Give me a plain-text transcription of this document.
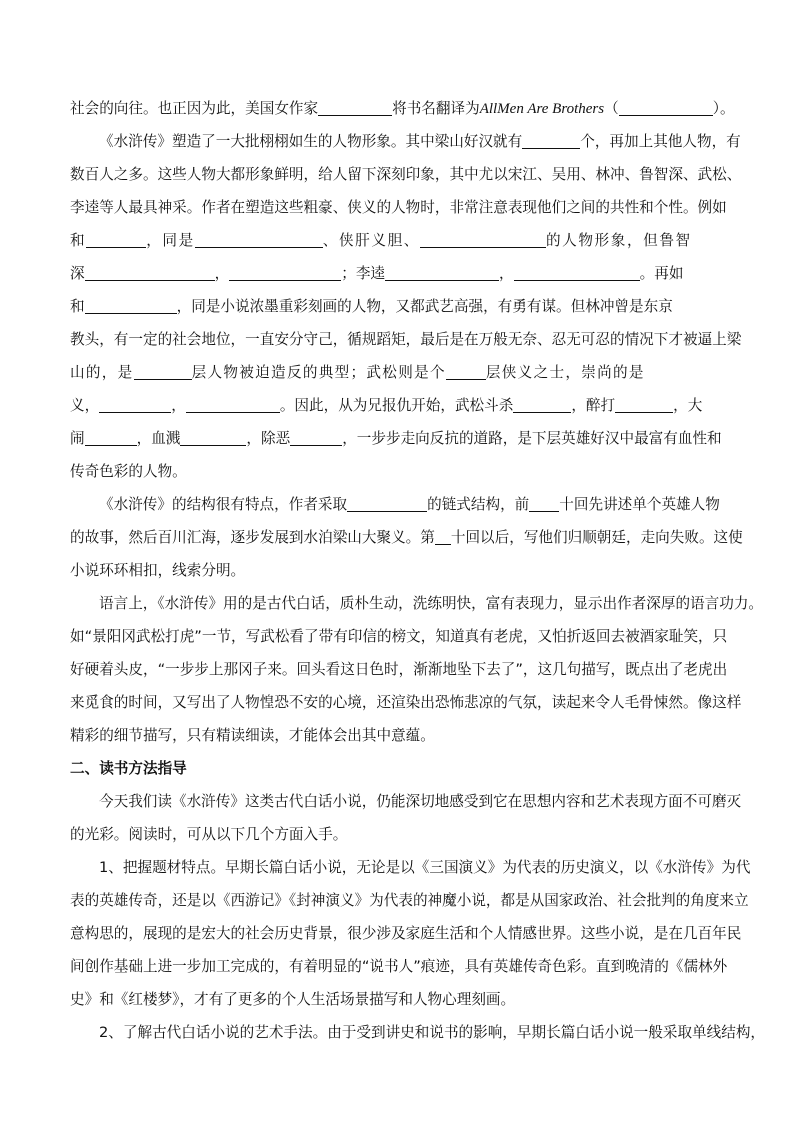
社会的向往。也正因为此，美国女作家	将书名翻译为AllMen Are Brothers（	）。
《水浒传》塑造了一大批栩栩如生的人物形象。其中梁山好汉就有	个，再加上其他人物，有
数百人之多。这些人物大都形象鲜明，给人留下深刻印象，其中尤以宋江、吴用、林冲、鲁智深、武松、
李逵等人最具神采。作者在塑造这些粗豪、侠义的人物时，非常注意表现他们之间的共性和个性。例如
和	，同是	、侠肝义胆、	的人物形象，但鲁智
深	，	；李逵	，	。再如
和	，同是小说浓墨重彩刻画的人物，又都武艺高强，有勇有谋。但林冲曾是东京
教头，有一定的社会地位，一直安分守己，循规蹈矩，最后是在万般无奈、忍无可忍的情况下才被逼上梁
山的，是	层人物被迫造反的典型；武松则是个	层侠义之士，崇尚的是
义，	，	。因此，从为兄报仇开始，武松斗杀	，醉打	，大
闹	，血溅	，除恶	，一步步走向反抗的道路，是下层英雄好汉中最富有血性和
传奇色彩的人物。
《水浒传》的结构很有特点，作者采取	的链式结构，前 十回先讲述单个英雄人物
的故事，然后百川汇海，逐步发展到水泊梁山大聚义。第 十回以后，写他们归顺朝廷，走向失败。这使
小说环环相扣，线索分明。
语言上，《水浒传》用的是古代白话，质朴生动，洗练明快，富有表现力，显示出作者深厚的语言功力。
如“景阳冈武松打虎”一节，写武松看了带有印信的榜文，知道真有老虎，又怕折返回去被酒家耻笑，只
好硬着头皮，“一步步上那冈子来。回头看这日色时，渐渐地坠下去了”，这几句描写，既点出了老虎出
来觅食的时间，又写出了人物惶恐不安的心境，还渲染出恐怖悲凉的气氛，读起来令人毛骨悚然。像这样
精彩的细节描写，只有精读细读，才能体会出其中意蕴。
二、读书方法指导
今天我们读《水浒传》这类古代白话小说，仍能深切地感受到它在思想内容和艺术表现方面不可磨灭
的光彩。阅读时，可从以下几个方面入手。
1、把握题材特点。早期长篇白话小说，无论是以《三国演义》为代表的历史演义，以《水浒传》为代
表的英雄传奇，还是以《西游记》《封神演义》为代表的神魔小说，都是从国家政治、社会批判的角度来立
意构思的，展现的是宏大的社会历史背景，很少涉及家庭生活和个人情感世界。这些小说，是在几百年民
间创作基础上进一步加工完成的，有着明显的“说书人”痕迹，具有英雄传奇色彩。直到晚清的《儒林外
史》和《红楼梦》，才有了更多的个人生活场景描写和人物心理刻画。
2、了解古代白话小说的艺术手法。由于受到讲史和说书的影响，早期长篇白话小说一般采取单线结构，
